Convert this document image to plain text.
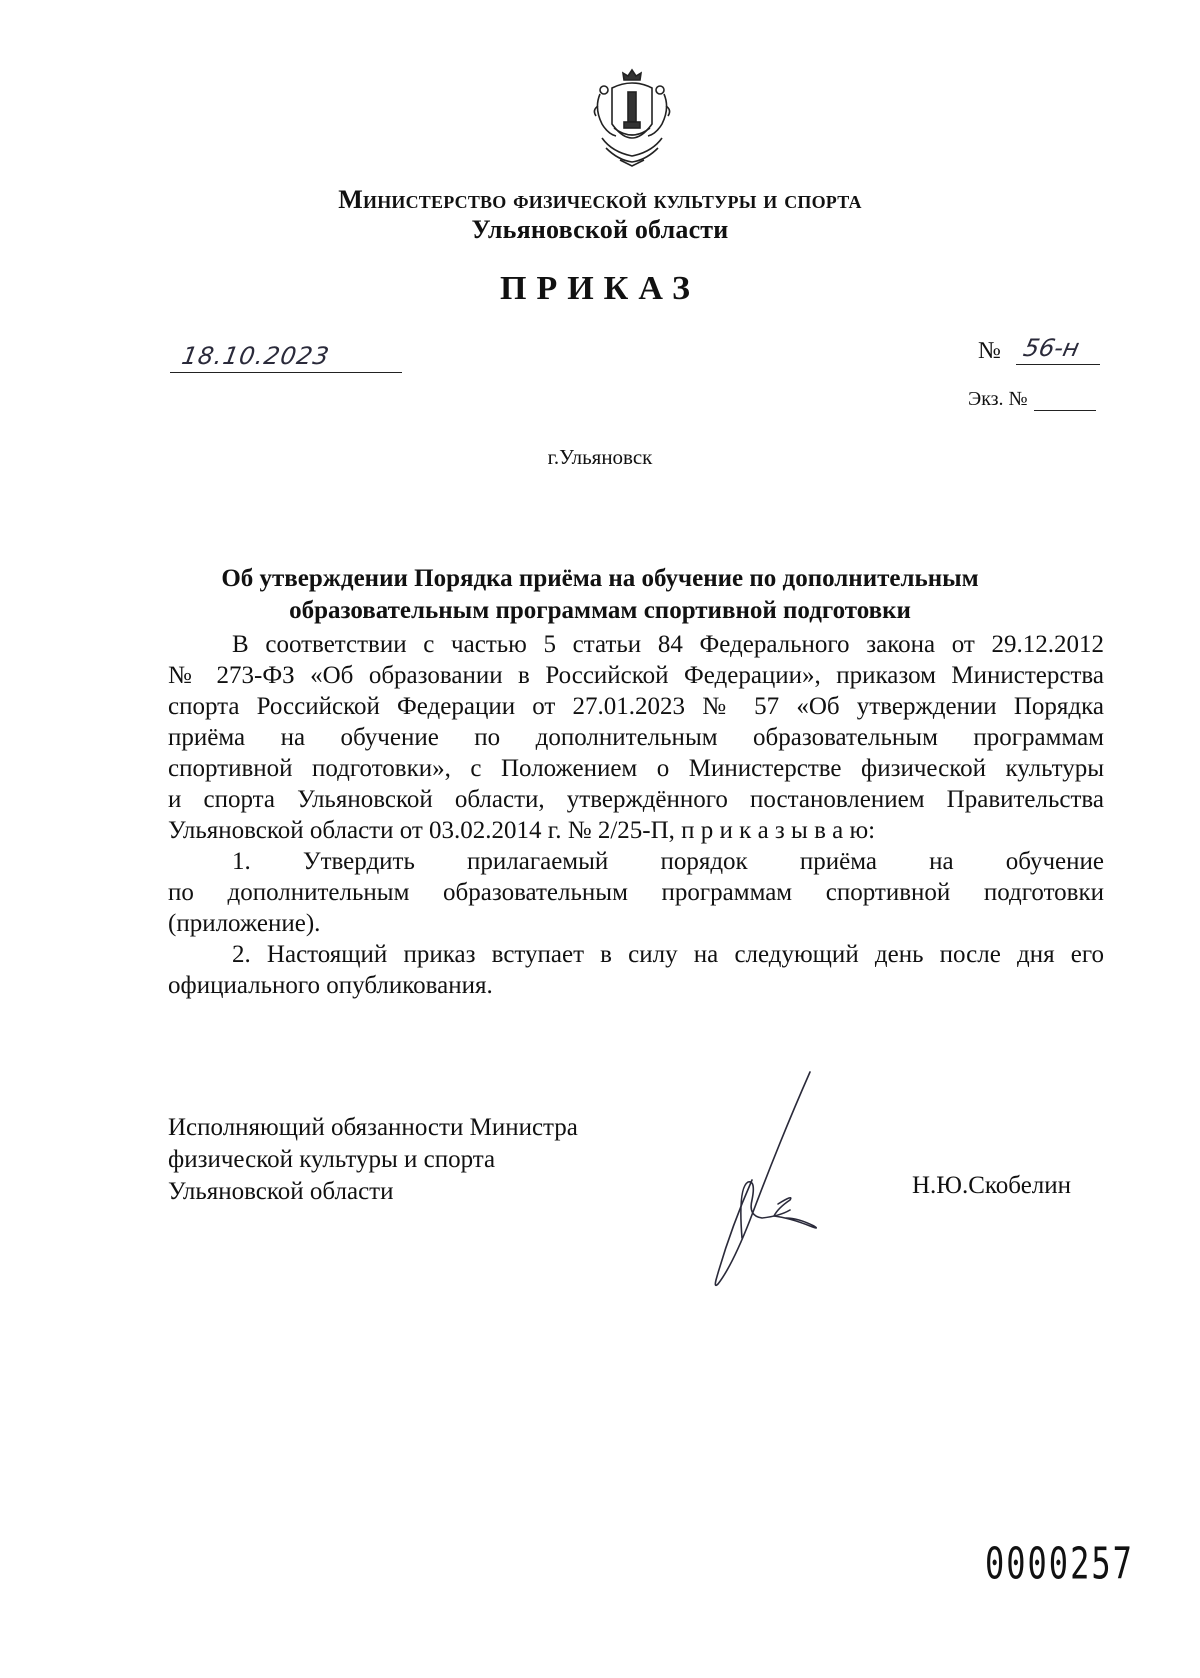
Министерство физической культуры и спорта
Ульяновской области
ПРИКАЗ
18.10.2023	№ 56-н
Экз. №
г.Ульяновск
Об утверждении Порядка приёма на обучение по дополнительным
образовательным программам спортивной подготовки
В соответствии с частью 5 статьи 84 Федерального закона от 29.12.2012
№ 273-ФЗ «Об образовании в Российской Федерации», приказом Министерства
спорта Российской Федерации от 27.01.2023 № 57 «Об утверждении Порядка
приёма на обучение по дополнительным образовательным программам
спортивной подготовки», с Положением о Министерстве физической культуры
и спорта Ульяновской области, утверждённого постановлением Правительства
Ульяновской области от 03.02.2014 г. № 2/25-П, п р и к а з ы в а ю:
1. Утвердить прилагаемый порядок приёма на обучение
по дополнительным образовательным программам спортивной подготовки
(приложение).
2. Настоящий приказ вступает в силу на следующий день после дня его
официального опубликования.
Исполняющий обязанности Министра
физической культуры и спорта
Ульяновской области	Н.Ю.Скобелин
0000257
